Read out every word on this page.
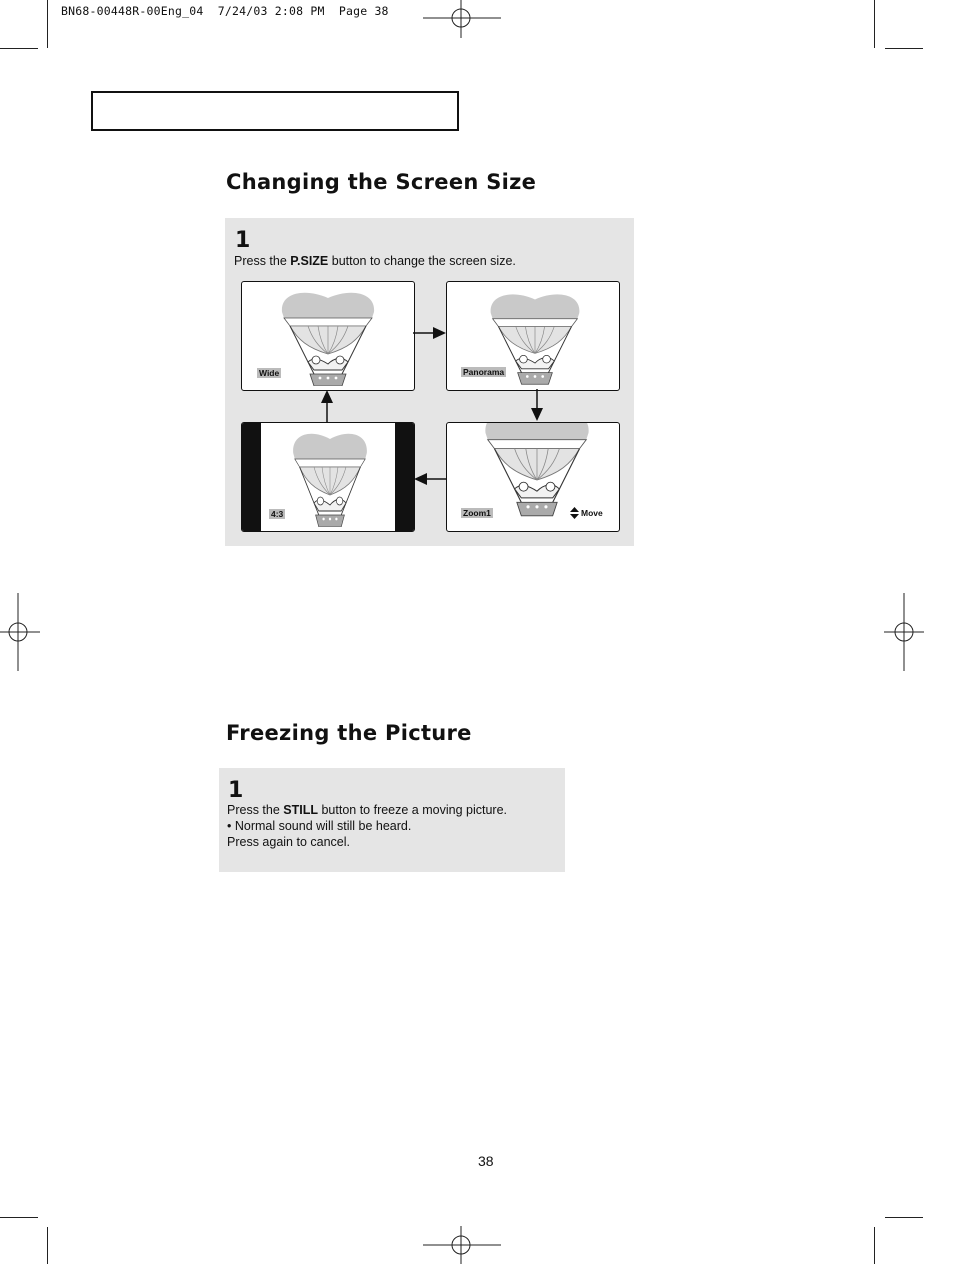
BN68-00448R-00Eng_04  7/24/03 2:08 PM  Page 38
Changing the Screen Size
1
Press the P.SIZE button to change the screen size.
Wide	Panorama
4:3	Zoom1	Move
Freezing the Picture
1
Press the STILL button to freeze a moving picture.
• Normal sound will still be heard.
Press again to cancel.
38
